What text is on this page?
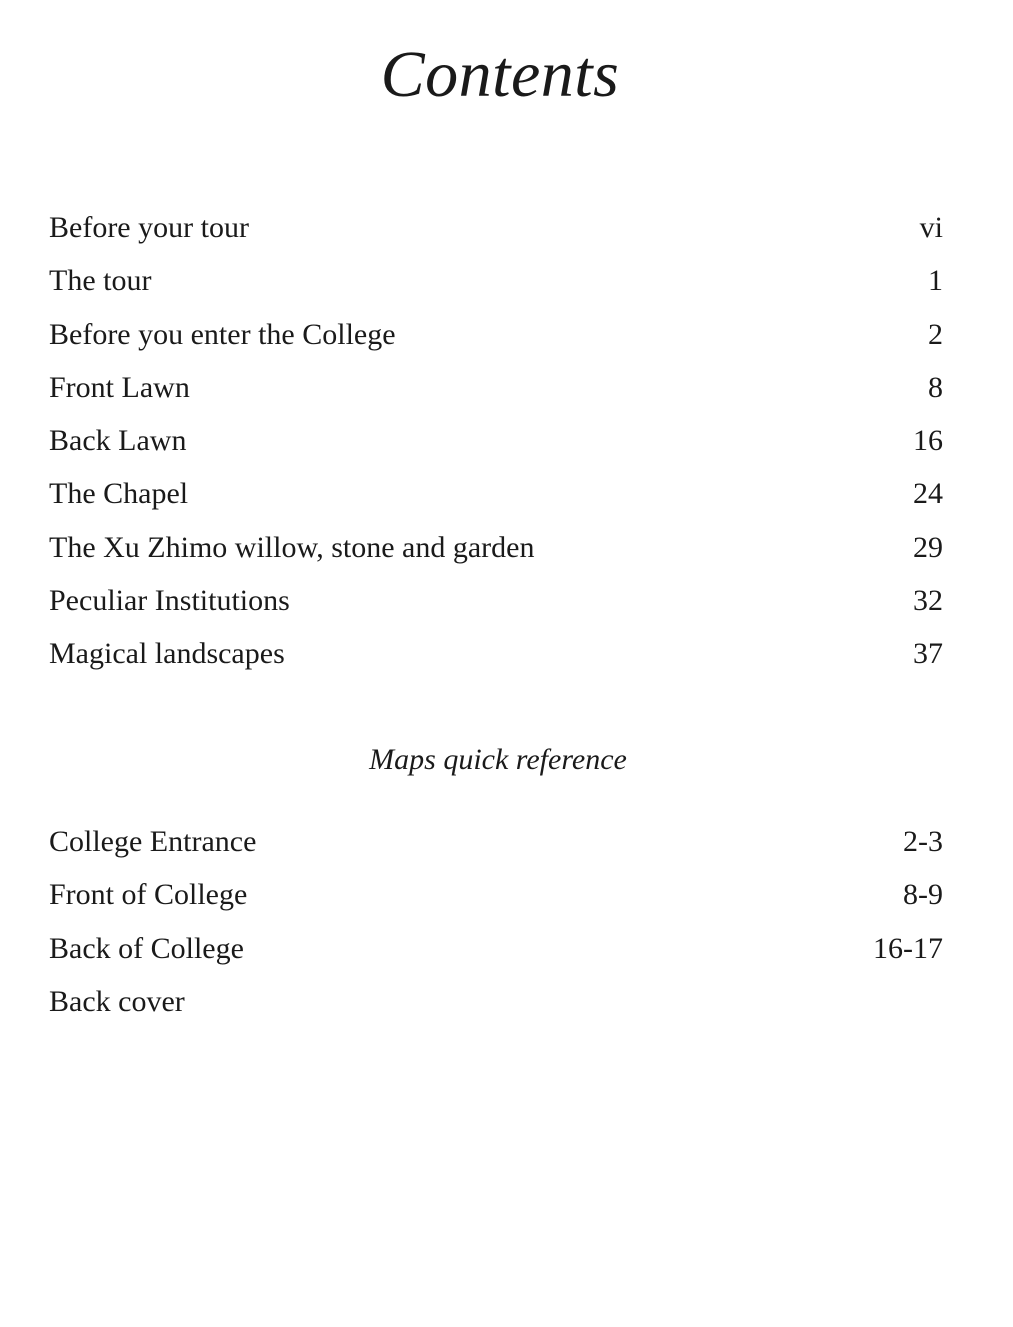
Contents
Before your tour	vi
The tour	1
Before you enter the College	2
Front Lawn	8
Back Lawn	16
The Chapel	24
The Xu Zhimo willow, stone and garden	29
Peculiar Institutions	32
Magical landscapes	37
Maps quick reference
College Entrance	2-3
Front of College	8-9
Back of College	16-17
Back cover
